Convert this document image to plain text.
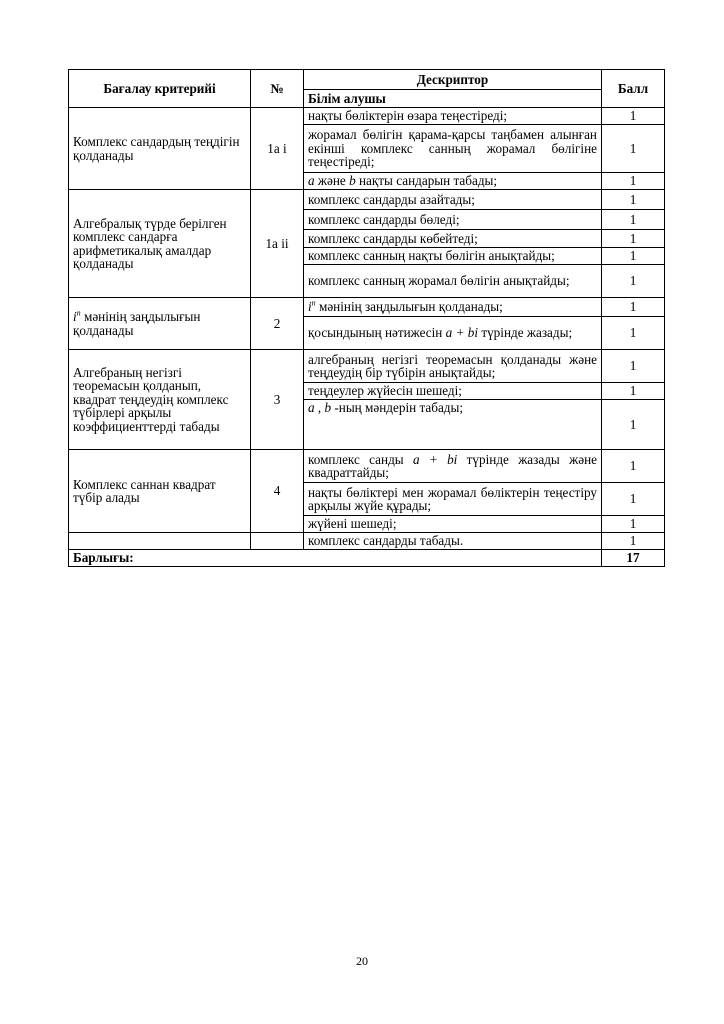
Бағалау критерийі	№	Дескриптор	Балл
		Білім алушы	
Комплекс сандардың теңдігін қолданады	1a i	нақты бөліктерін өзара теңестіреді;	1
		жорамал бөлігін қарама-қарсы таңбамен алынған екінші комплекс санның жорамал бөлігіне теңестіреді;	1
		a және b нақты сандарын табады;	1
Алгебралық түрде берілген комплекс сандарға арифметикалық амалдар қолданады	1a ii	комплекс сандарды азайтады;	1
		комплекс сандарды бөледі;	1
		комплекс сандарды көбейтеді;	1
		комплекс санның нақты бөлігін анықтайды;	1
		комплекс санның жорамал бөлігін анықтайды;	1
$i^n$ мәнінің заңдылығын қолданады	2	$i^n$ мәнінің заңдылығын қолданады;	1
		қосындының нәтижесін a + bi түрінде жазады;	1
Алгебраның негізгі теоремасын қолданып, квадрат теңдеудің комплекс түбірлері арқылы коэффициенттерді табады	3	алгебраның негізгі теоремасын қолданады және теңдеудің бір түбірін анықтайды;	1
		теңдеулер жүйесін шешеді;	1
		a , b -ның мәндерін табады;	1
Комплекс саннан квадрат түбір алады	4	комплекс санды a + bi түрінде жазады және квадраттайды;	1
		нақты бөліктері мен жорамал бөліктерін теңестіру арқылы жүйе құрады;	1
		жүйені шешеді;	1
		комплекс сандарды табады.	1
Барлығы:			17
20
